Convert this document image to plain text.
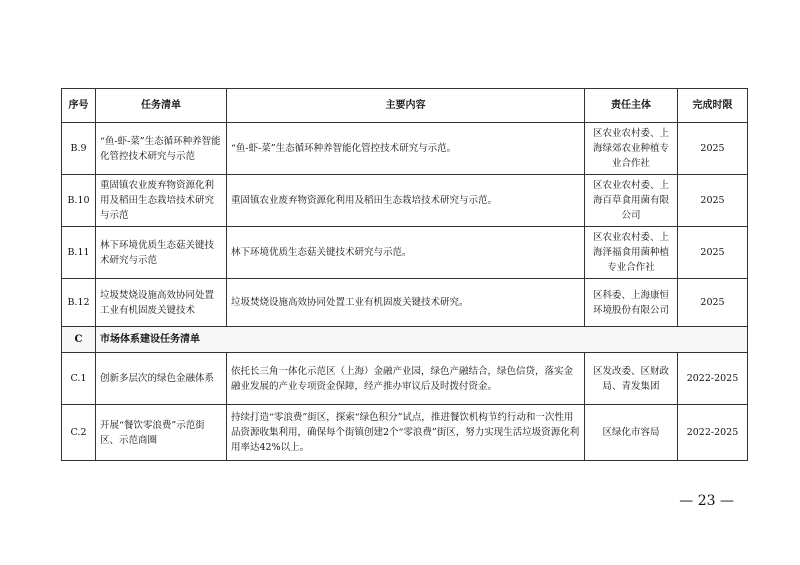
序号	任务清单	主要内容	责任主体	完成时限
B.9	“鱼-虾-菜”生态循环种养智能化管控技术研究与示范	“鱼-虾-菜”生态循环种养智能化管控技术研究与示范。	区农业农村委、上海绿郊农业种植专业合作社	2025
B.10	重固镇农业废弃物资源化利用及稻田生态栽培技术研究与示范	重固镇农业废弃物资源化利用及稻田生态栽培技术研究与示范。	区农业农村委、上海百草食用菌有限公司	2025
B.11	林下环境优质生态菇关键技术研究与示范	林下环境优质生态菇关键技术研究与示范。	区农业农村委、上海泽福食用菌种植专业合作社	2025
B.12	垃圾焚烧设施高效协同处置工业有机固废关键技术	垃圾焚烧设施高效协同处置工业有机固废关键技术研究。	区科委、上海康恒环境股份有限公司	2025
C	市场体系建设任务清单			
C.1	创新多层次的绿色金融体系	依托长三角一体化示范区（上海）金融产业园，绿色产融结合，绿色信贷，落实金融业发展的产业专项资金保障，经产推办审议后及时拨付资金。	区发改委、区财政局、青发集团	2022-2025
C.2	开展“餐饮零浪费”示范街区、示范商圈	持续打造“零浪费”街区，探索“绿色积分”试点，推进餐饮机构节约行动和一次性用品资源收集利用，确保每个街镇创建2个“零浪费”街区，努力实现生活垃圾资源化利用率达42%以上。	区绿化市容局	2022-2025
— 23 —
